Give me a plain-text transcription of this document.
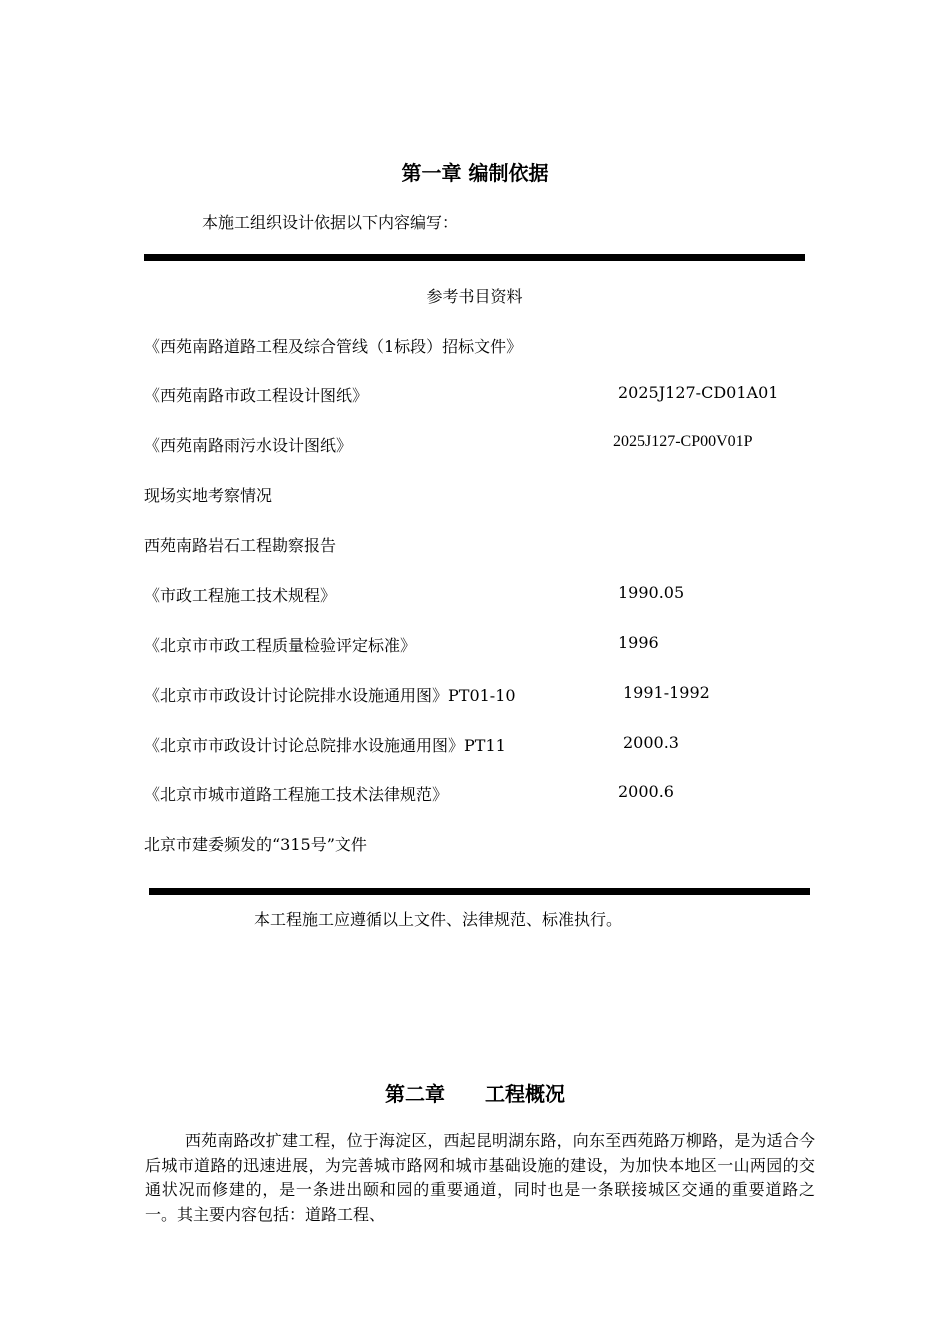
第一章 编制依据
本施工组织设计依据以下内容编写：
参考书目资料
《西苑南路道路工程及综合管线（1标段）招标文件》
《西苑南路市政工程设计图纸》	2025J127-CD01A01
《西苑南路雨污水设计图纸》	2025J127-CP00V01P
现场实地考察情况
西苑南路岩石工程勘察报告
《市政工程施工技术规程》	1990.05
《北京市市政工程质量检验评定标准》	1996
《北京市市政设计讨论院排水设施通用图》PT01-10	1991-1992
《北京市市政设计讨论总院排水设施通用图》PT11	2000.3
《北京市城市道路工程施工技术法律规范》	2000.6
北京市建委频发的“315号”文件
本工程施工应遵循以上文件、法律规范、标准执行。
第二章　　工程概况
西苑南路改扩建工程，位于海淀区，西起昆明湖东路，向东至西苑路万柳路，是为适合今后城市道路的迅速进展，为完善城市路网和城市基础设施的建设，为加快本地区一山两园的交通状况而修建的，是一条进出颐和园的重要通道，同时也是一条联接城区交通的重要道路之一。其主要内容包括：道路工程、
